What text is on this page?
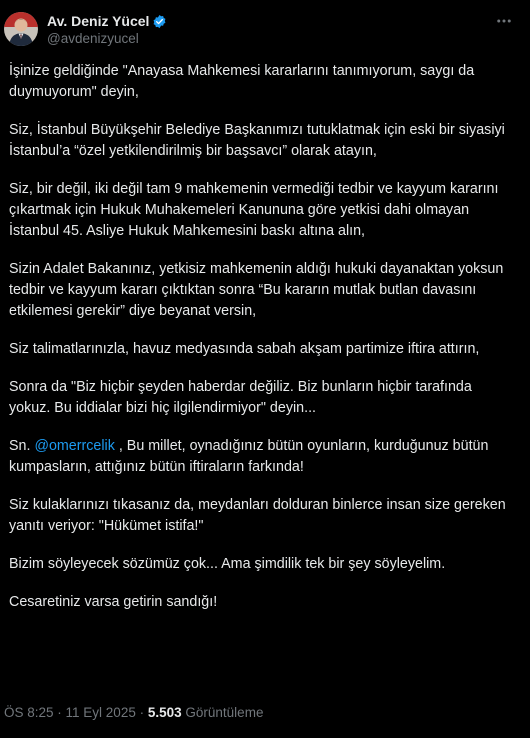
Av. Deniz Yücel
@avdenizyucel

İşinize geldiğinde "Anayasa Mahkemesi kararlarını tanımıyorum, saygı da duymuyorum" deyin,

Siz, İstanbul Büyükşehir Belediye Başkanımızı tutuklatmak için eski bir siyasiyi İstanbul’a “özel yetkilendirilmiş bir başsavcı” olarak atayın,

Siz, bir değil, iki değil tam 9 mahkemenin vermediği tedbir ve kayyum kararını çıkartmak için Hukuk Muhakemeleri Kanununa göre yetkisi dahi olmayan İstanbul 45. Asliye Hukuk Mahkemesini baskı altına alın,

Sizin Adalet Bakanınız, yetkisiz mahkemenin aldığı hukuki dayanaktan yoksun tedbir ve kayyum kararı çıktıktan sonra “Bu kararın mutlak butlan davasını etkilemesi gerekir” diye beyanat versin,

Siz talimatlarınızla, havuz medyasında sabah akşam partimize iftira attırın,

Sonra da "Biz hiçbir şeyden haberdar değiliz. Biz bunların hiçbir tarafında yokuz. Bu iddialar bizi hiç ilgilendirmiyor" deyin...

Sn. @omerrcelik , Bu millet, oynadığınız bütün oyunların, kurduğunuz bütün kumpasların, attığınız bütün iftiraların farkında!

Siz kulaklarınızı tıkasanız da, meydanları dolduran binlerce insan size gereken yanıtı veriyor: "Hükümet istifa!"

Bizim söyleyecek sözümüz çok... Ama şimdilik tek bir şey söyleyelim.

Cesaretiniz varsa getirin sandığı!

ÖS 8:25 · 11 Eyl 2025 · 5.503 Görüntüleme
